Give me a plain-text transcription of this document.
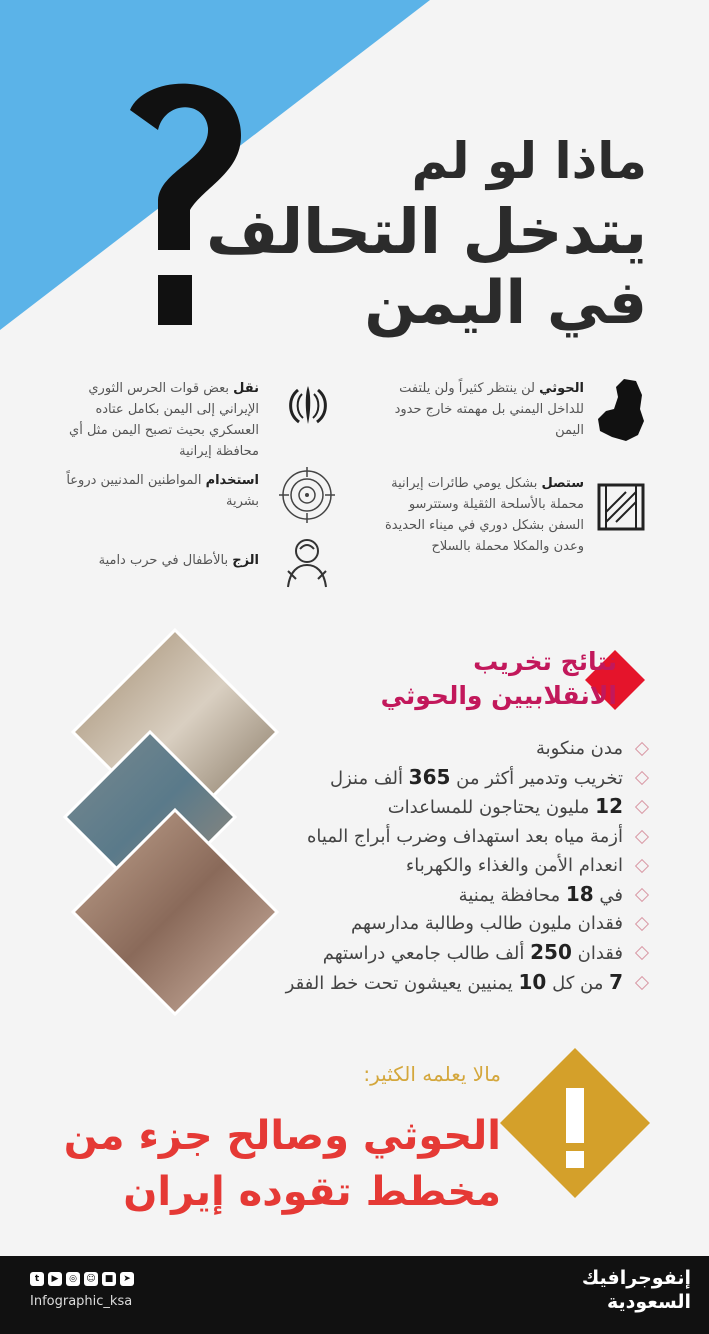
ماذا لو لم
يتدخل التحالف
في اليمن
الحوثي لن ينتظر كثيراً ولن يلتفت للداخل اليمني بل مهمته خارج حدود اليمن
ستصل بشكل يومي طائرات إيرانية محملة بالأسلحة الثقيلة وستترسو السفن بشكل دوري في ميناء الحديدة وعدن والمكلا محملة بالسلاح
نقل بعض قوات الحرس الثوري الإيراني إلى اليمن بكامل عتاده العسكري بحيث تصبح اليمن مثل أي محافظة إيرانية
استخدام المواطنين المدنيين دروعاً بشرية
الزج بالأطفال في حرب دامية
نتائج تخريب
الانقلابيين والحوثي
مدن منكوبة
تخريب وتدمير أكثر من 365 ألف منزل
12 مليون يحتاجون للمساعدات
أزمة مياه بعد استهداف وضرب أبراج المياه
انعدام الأمن والغذاء والكهرباء
في 18 محافظة يمنية
فقدان مليون طالب وطالبة مدارسهم
فقدان 250 ألف طالب جامعي دراستهم
7 من كل 10 يمنيين يعيشون تحت خط الفقر
مالا يعلمه الكثير:
الحوثي وصالح جزء من
مخطط تقوده إيران
t	▶	◎	☺	■	➤
Infographic_ksa
إنفوجرافيك
السعودية
